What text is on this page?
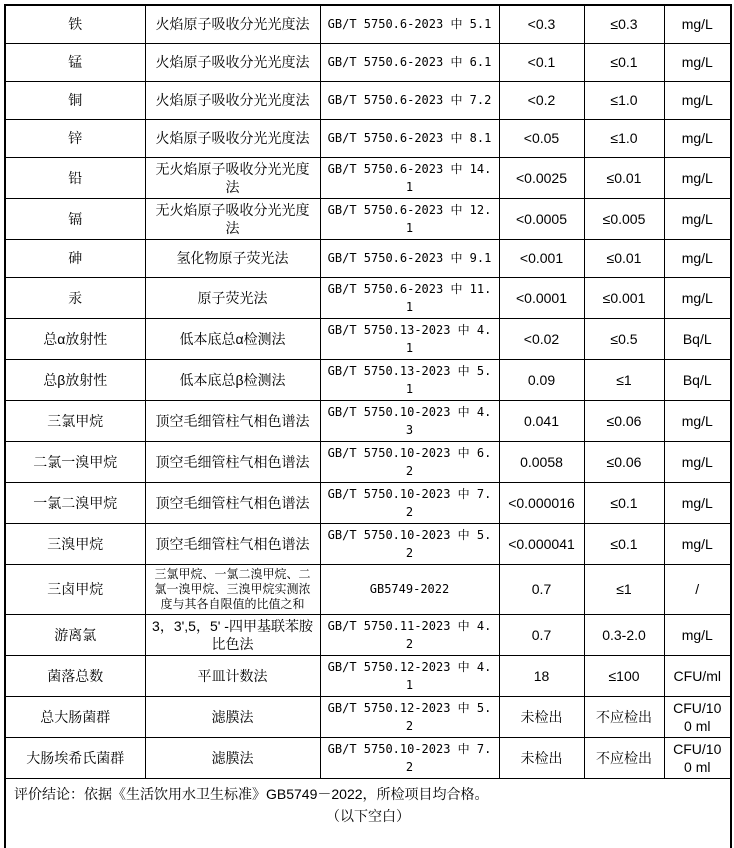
铁	火焰原子吸收分光光度法	GB/T 5750.6-2023 中 5.1	<0.3	≤0.3	mg/L
锰	火焰原子吸收分光光度法	GB/T 5750.6-2023 中 6.1	<0.1	≤0.1	mg/L
铜	火焰原子吸收分光光度法	GB/T 5750.6-2023 中 7.2	<0.2	≤1.0	mg/L
锌	火焰原子吸收分光光度法	GB/T 5750.6-2023 中 8.1	<0.05	≤1.0	mg/L
铅	无火焰原子吸收分光光度法	GB/T 5750.6-2023 中 14.1	<0.0025	≤0.01	mg/L
镉	无火焰原子吸收分光光度法	GB/T 5750.6-2023 中 12.1	<0.0005	≤0.005	mg/L
砷	氢化物原子荧光法	GB/T 5750.6-2023 中 9.1	<0.001	≤0.01	mg/L
汞	原子荧光法	GB/T 5750.6-2023 中 11.1	<0.0001	≤0.001	mg/L
总α放射性	低本底总α检测法	GB/T 5750.13-2023 中 4.1	<0.02	≤0.5	Bq/L
总β放射性	低本底总β检测法	GB/T 5750.13-2023 中 5.1	0.09	≤1	Bq/L
三氯甲烷	顶空毛细管柱气相色谱法	GB/T 5750.10-2023 中 4.3	0.041	≤0.06	mg/L
二氯一溴甲烷	顶空毛细管柱气相色谱法	GB/T 5750.10-2023 中 6.2	0.0058	≤0.06	mg/L
一氯二溴甲烷	顶空毛细管柱气相色谱法	GB/T 5750.10-2023 中 7.2	<0.000016	≤0.1	mg/L
三溴甲烷	顶空毛细管柱气相色谱法	GB/T 5750.10-2023 中 5.2	<0.000041	≤0.1	mg/L
三卤甲烷	三氯甲烷、一氯二溴甲烷、二氯一溴甲烷、三溴甲烷实测浓度与其各自限值的比值之和	GB5749-2022	0.7	≤1	/
游离氯	3，3',5，5' -四甲基联苯胺比色法	GB/T 5750.11-2023 中 4.2	0.7	0.3-2.0	mg/L
菌落总数	平皿计数法	GB/T 5750.12-2023 中 4.1	18	≤100	CFU/ml
总大肠菌群	滤膜法	GB/T 5750.12-2023 中 5.2	未检出	不应检出	CFU/100 ml
大肠埃希氏菌群	滤膜法	GB/T 5750.10-2023 中 7.2	未检出	不应检出	CFU/100 ml

评价结论：依据《生活饮用水卫生标准》GB5749－2022，所检项目均合格。
（以下空白）					
